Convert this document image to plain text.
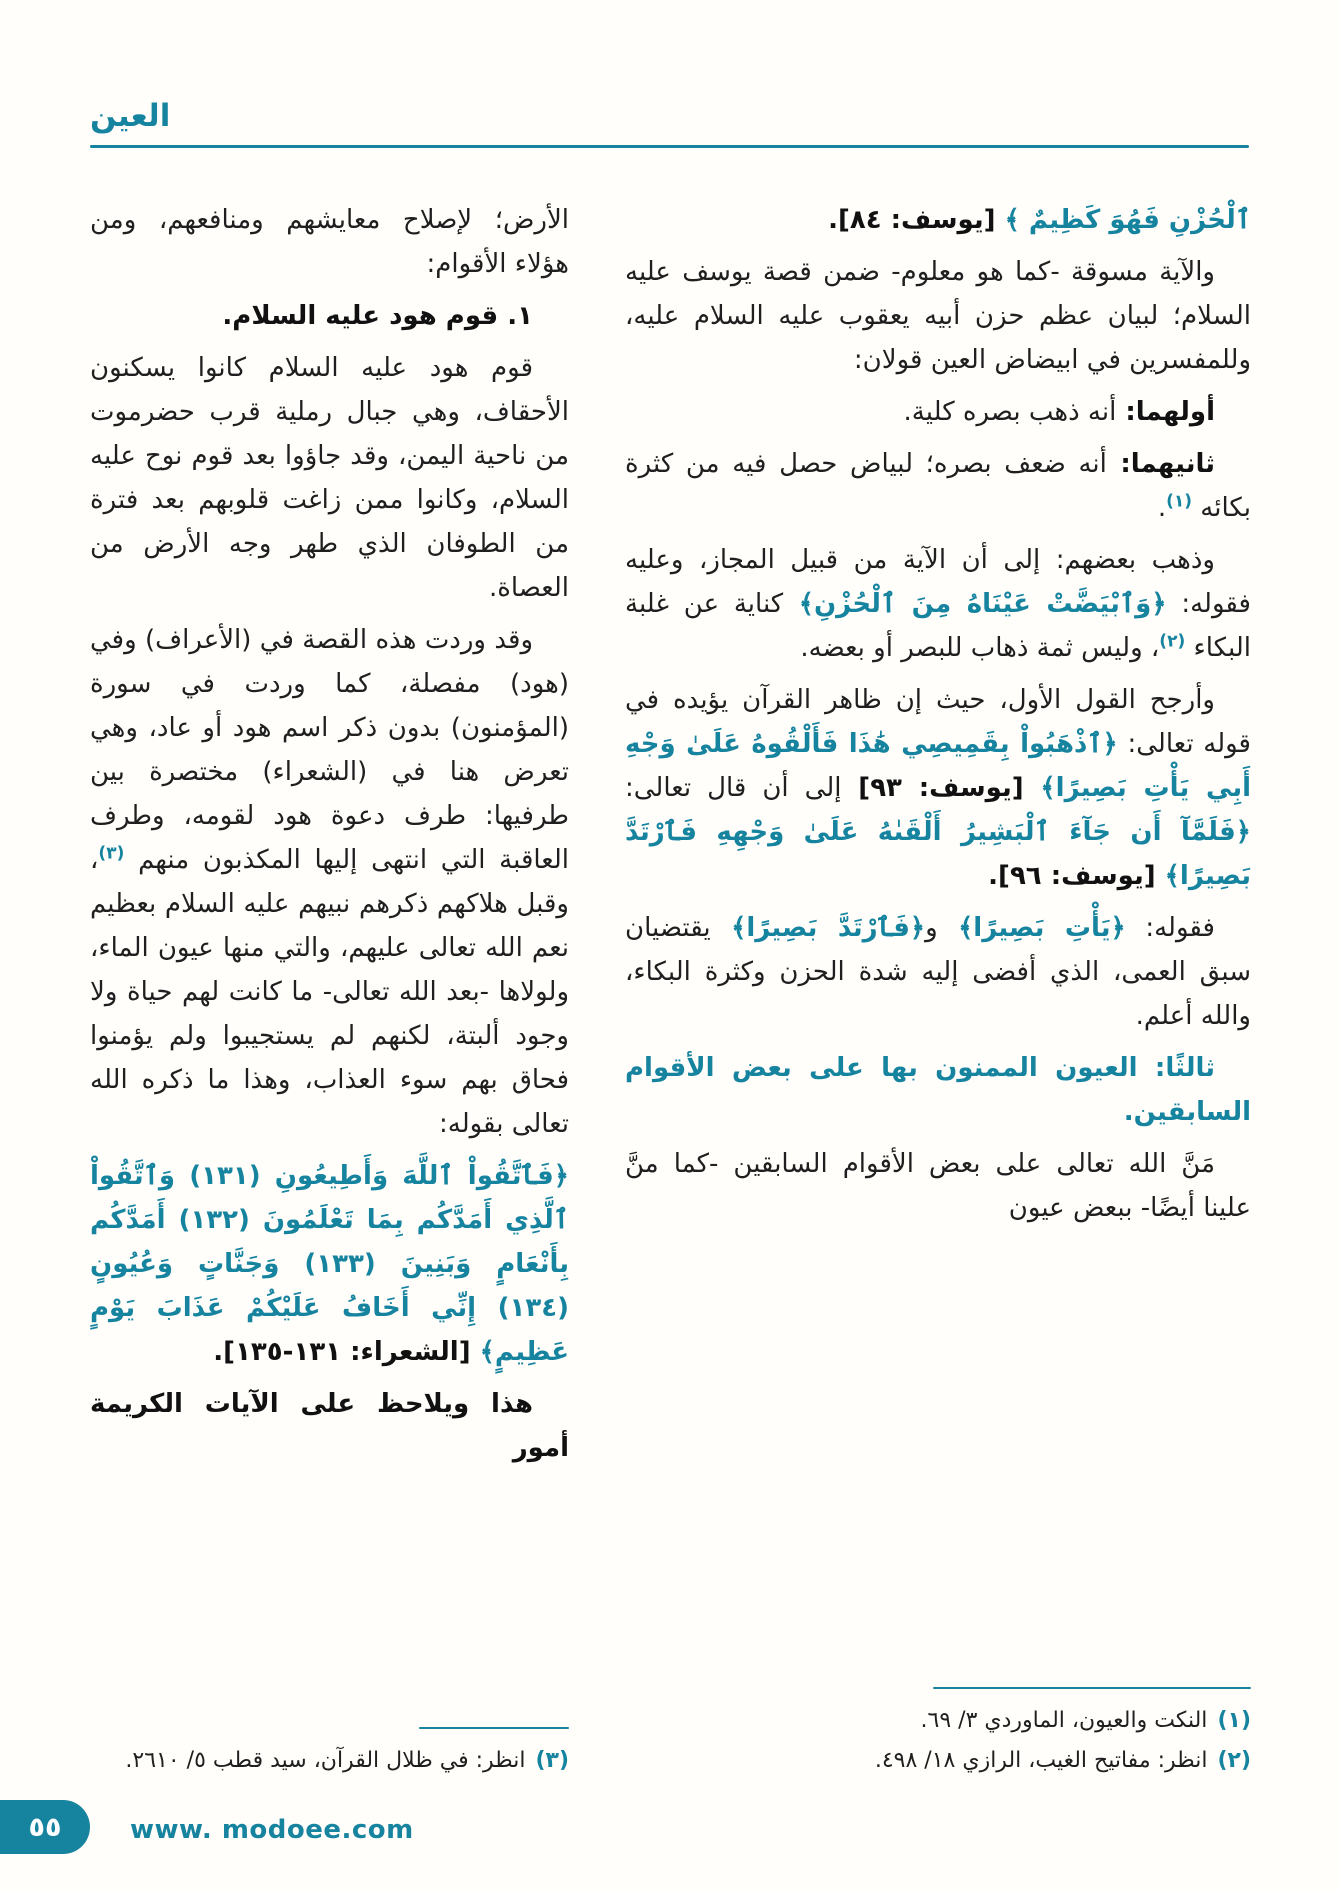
العين

ٱلْحُزْنِ فَهُوَ كَظِيمٌ ﴾ [يوسف: ٨٤].

والآية مسوقة -كما هو معلوم- ضمن قصة يوسف عليه السلام؛ لبيان عظم حزن أبيه يعقوب عليه السلام عليه، وللمفسرين في ابيضاض العين قولان:

أولهما: أنه ذهب بصره كلية.

ثانيهما: أنه ضعف بصره؛ لبياض حصل فيه من كثرة بكائه $^{(١)}$.

وذهب بعضهم: إلى أن الآية من قبيل المجاز، وعليه فقوله: ﴿وَٱبْيَضَّتْ عَيْنَاهُ مِنَ ٱلْحُزْنِ﴾ كناية عن غلبة البكاء $^{(٢)}$، وليس ثمة ذهاب للبصر أو بعضه.

وأرجح القول الأول، حيث إن ظاهر القرآن يؤيده في قوله تعالى: ﴿ٱذْهَبُواْ بِقَمِيصِي هَٰذَا فَأَلْقُوهُ عَلَىٰ وَجْهِ أَبِي يَأْتِ بَصِيرًا﴾ [يوسف: ٩٣] إلى أن قال تعالى: ﴿فَلَمَّآ أَن جَآءَ ٱلْبَشِيرُ أَلْقَىٰهُ عَلَىٰ وَجْهِهِ فَٱرْتَدَّ بَصِيرًا﴾ [يوسف: ٩٦].

فقوله: ﴿يَأْتِ بَصِيرًا﴾ و﴿فَٱرْتَدَّ بَصِيرًا﴾ يقتضيان سبق العمى، الذي أفضى إليه شدة الحزن وكثرة البكاء، والله أعلم.

ثالثًا: العيون الممنون بها على بعض الأقوام السابقين.

مَنَّ الله تعالى على بعض الأقوام السابقين -كما منَّ علينا أيضًا- ببعض عيون

(١)
النكت والعيون، الماوردي ٣/ ٦٩.
(٢)
انظر: مفاتيح الغيب، الرازي ١٨/ ٤٩٨.

الأرض؛ لإصلاح معايشهم ومنافعهم، ومن هؤلاء الأقوام:

١. قوم هود عليه السلام.

قوم هود عليه السلام كانوا يسكنون الأحقاف، وهي جبال رملية قرب حضرموت من ناحية اليمن، وقد جاؤوا بعد قوم نوح عليه السلام، وكانوا ممن زاغت قلوبهم بعد فترة من الطوفان الذي طهر وجه الأرض من العصاة.

وقد وردت هذه القصة في (الأعراف) وفي (هود) مفصلة، كما وردت في سورة (المؤمنون) بدون ذكر اسم هود أو عاد، وهي تعرض هنا في (الشعراء) مختصرة بين طرفيها: طرف دعوة هود لقومه، وطرف العاقبة التي انتهى إليها المكذبون منهم $^{(٣)}$، وقبل هلاكهم ذكرهم نبيهم عليه السلام بعظيم نعم الله تعالى عليهم، والتي منها عيون الماء، ولولاها -بعد الله تعالى- ما كانت لهم حياة ولا وجود ألبتة، لكنهم لم يستجيبوا ولم يؤمنوا فحاق بهم سوء العذاب، وهذا ما ذكره الله تعالى بقوله:

﴿فَٱتَّقُواْ ٱللَّهَ وَأَطِيعُونِ (١٣١) وَٱتَّقُواْ ٱلَّذِي أَمَدَّكُم بِمَا تَعْلَمُونَ (١٣٢) أَمَدَّكُم بِأَنْعَامٍ وَبَنِينَ (١٣٣) وَجَنَّاتٍ وَعُيُونٍ (١٣٤) إِنِّي أَخَافُ عَلَيْكُمْ عَذَابَ يَوْمٍ عَظِيمٍ﴾ [الشعراء: ١٣١-١٣٥].

هذا ويلاحظ على الآيات الكريمة أمور

(٣)
انظر: في ظلال القرآن، سيد قطب ٥/ ٢٦١٠.
٥٥	www. modoee.com
